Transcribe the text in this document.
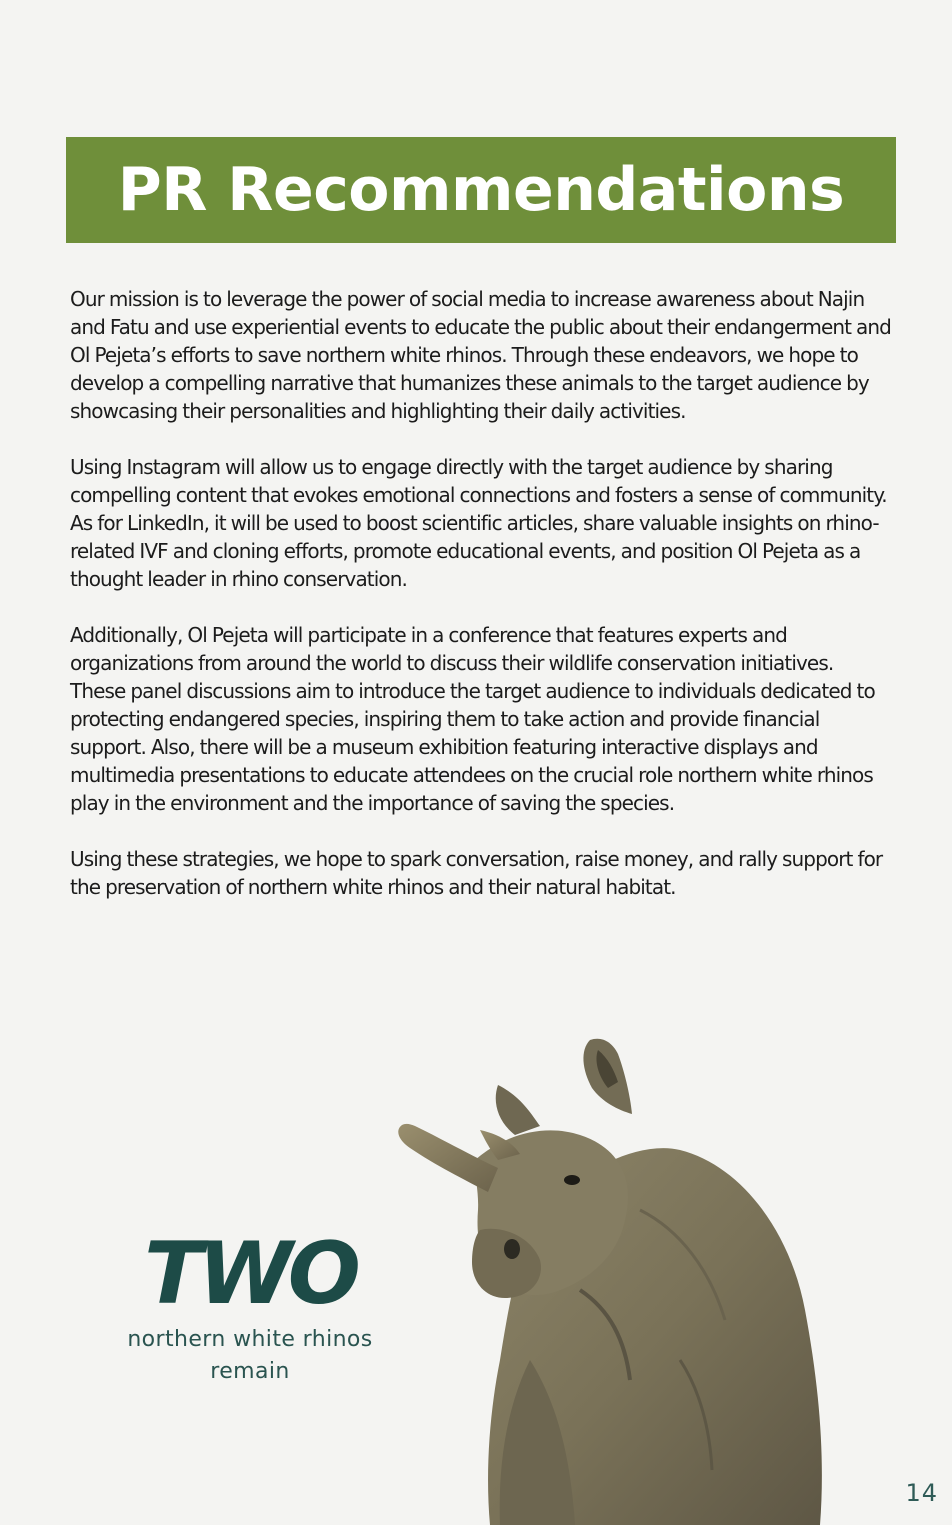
PR Recommendations

Our mission is to leverage the power of social media to increase awareness about Najin and Fatu and use experiential events to educate the public about their endangerment and Ol Pejeta’s efforts to save northern white rhinos. Through these endeavors, we hope to develop a compelling narrative that humanizes these animals to the target audience by showcasing their personalities and highlighting their daily activities.

Using Instagram will allow us to engage directly with the target audience by sharing compelling content that evokes emotional connections and fosters a sense of community. As for LinkedIn, it will be used to boost scientific articles, share valuable insights on rhino-related IVF and cloning efforts, promote educational events, and position Ol Pejeta as a thought leader in rhino conservation.

Additionally, Ol Pejeta will participate in a conference that features experts and organizations from around the world to discuss their wildlife conservation initiatives. These panel discussions aim to introduce the target audience to individuals dedicated to protecting endangered species, inspiring them to take action and provide financial support. Also, there will be a museum exhibition featuring interactive displays and multimedia presentations to educate attendees on the crucial role northern white rhinos play in the environment and the importance of saving the species.

Using these strategies, we hope to spark conversation, raise money, and rally support for the preservation of northern white rhinos and their natural habitat.

TWO
northern white rhinos
remain
14
